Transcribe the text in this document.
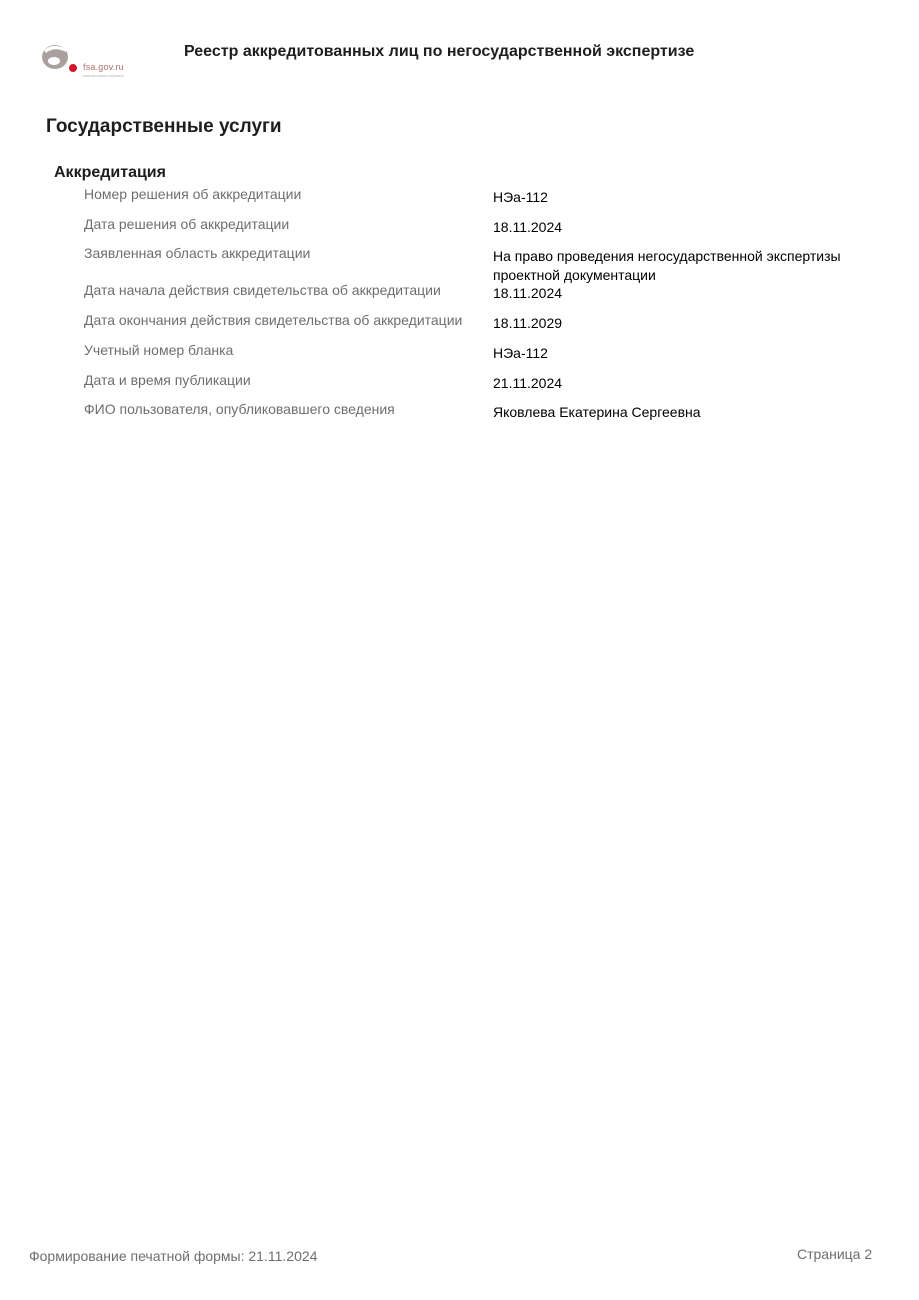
fsa.gov.ru
электронные сервисы
Реестр аккредитованных лиц по негосударственной экспертизе
Государственные услуги
Аккредитация
Номер решения об аккредитации	НЭа-112
Дата решения об аккредитации	18.11.2024
Заявленная область аккредитации	На право проведения негосударственной экспертизы проектной документации
Дата начала действия свидетельства об аккредитации	18.11.2024
Дата окончания действия свидетельства об аккредитации 18.11.2029
Учетный номер бланка	НЭа-112
Дата и время публикации	21.11.2024
ФИО пользователя, опубликовавшего сведения	Яковлева Екатерина Сергеевна
Формирование печатной формы: 21.11.2024	Страница 2
